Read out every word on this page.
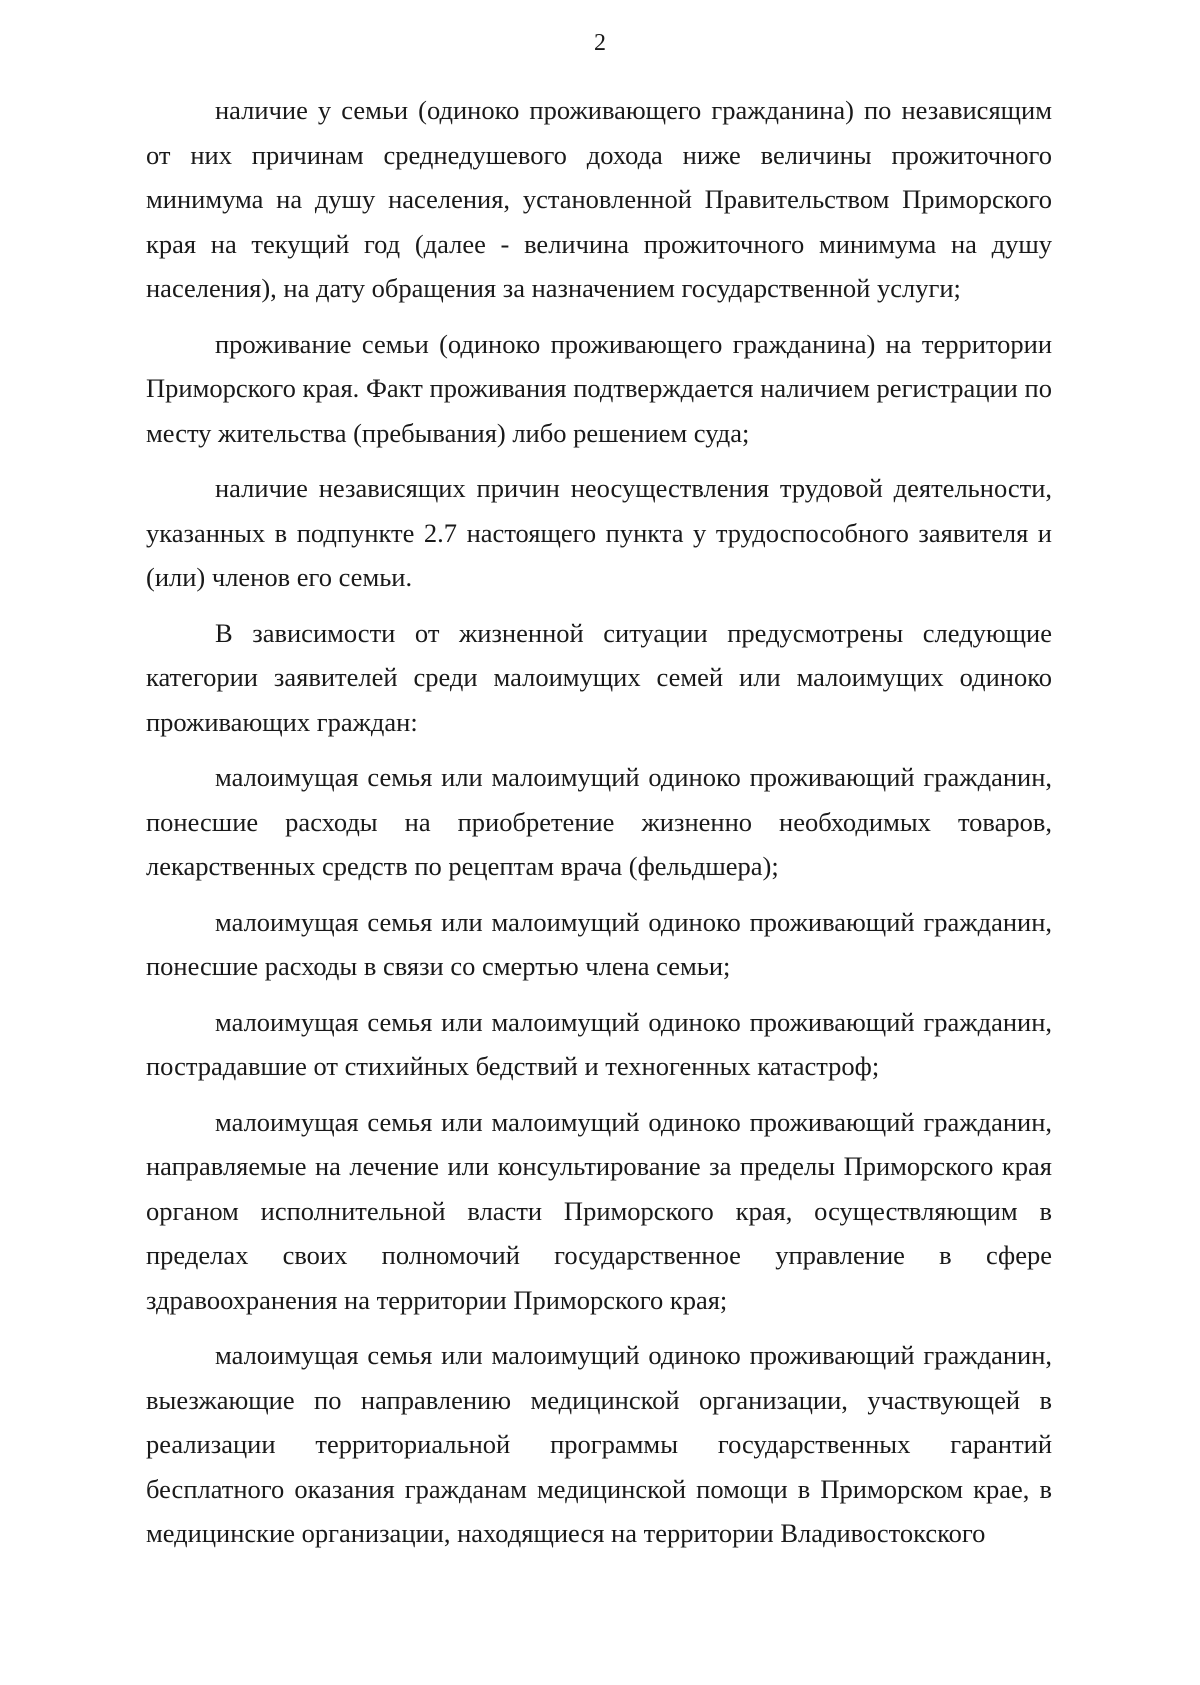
2

наличие у семьи (одиноко проживающего гражданина) по независящим от них причинам среднедушевого дохода ниже величины прожиточного минимума на душу населения, установленной Правительством Приморского края на текущий год (далее - величина прожиточного минимума на душу населения), на дату обращения за назначением государственной услуги;

проживание семьи (одиноко проживающего гражданина) на территории Приморского края. Факт проживания подтверждается наличием регистрации по месту жительства (пребывания) либо решением суда;

наличие независящих причин неосуществления трудовой деятельности, указанных в подпункте 2.7 настоящего пункта у трудоспособного заявителя и (или) членов его семьи.

В зависимости от жизненной ситуации предусмотрены следующие категории заявителей среди малоимущих семей или малоимущих одиноко проживающих граждан:

малоимущая семья или малоимущий одиноко проживающий гражданин, понесшие расходы на приобретение жизненно необходимых товаров, лекарственных средств по рецептам врача (фельдшера);

малоимущая семья или малоимущий одиноко проживающий гражданин, понесшие расходы в связи со смертью члена семьи;

малоимущая семья или малоимущий одиноко проживающий гражданин, пострадавшие от стихийных бедствий и техногенных катастроф;

малоимущая семья или малоимущий одиноко проживающий гражданин, направляемые на лечение или консультирование за пределы Приморского края органом исполнительной власти Приморского края, осуществляющим в пределах своих полномочий государственное управление в сфере здравоохранения на территории Приморского края;

малоимущая семья или малоимущий одиноко проживающий гражданин, выезжающие по направлению медицинской организации, участвующей в реализации территориальной программы государственных гарантий бесплатного оказания гражданам медицинской помощи в Приморском крае, в медицинские организации, находящиеся на территории Владивостокского
